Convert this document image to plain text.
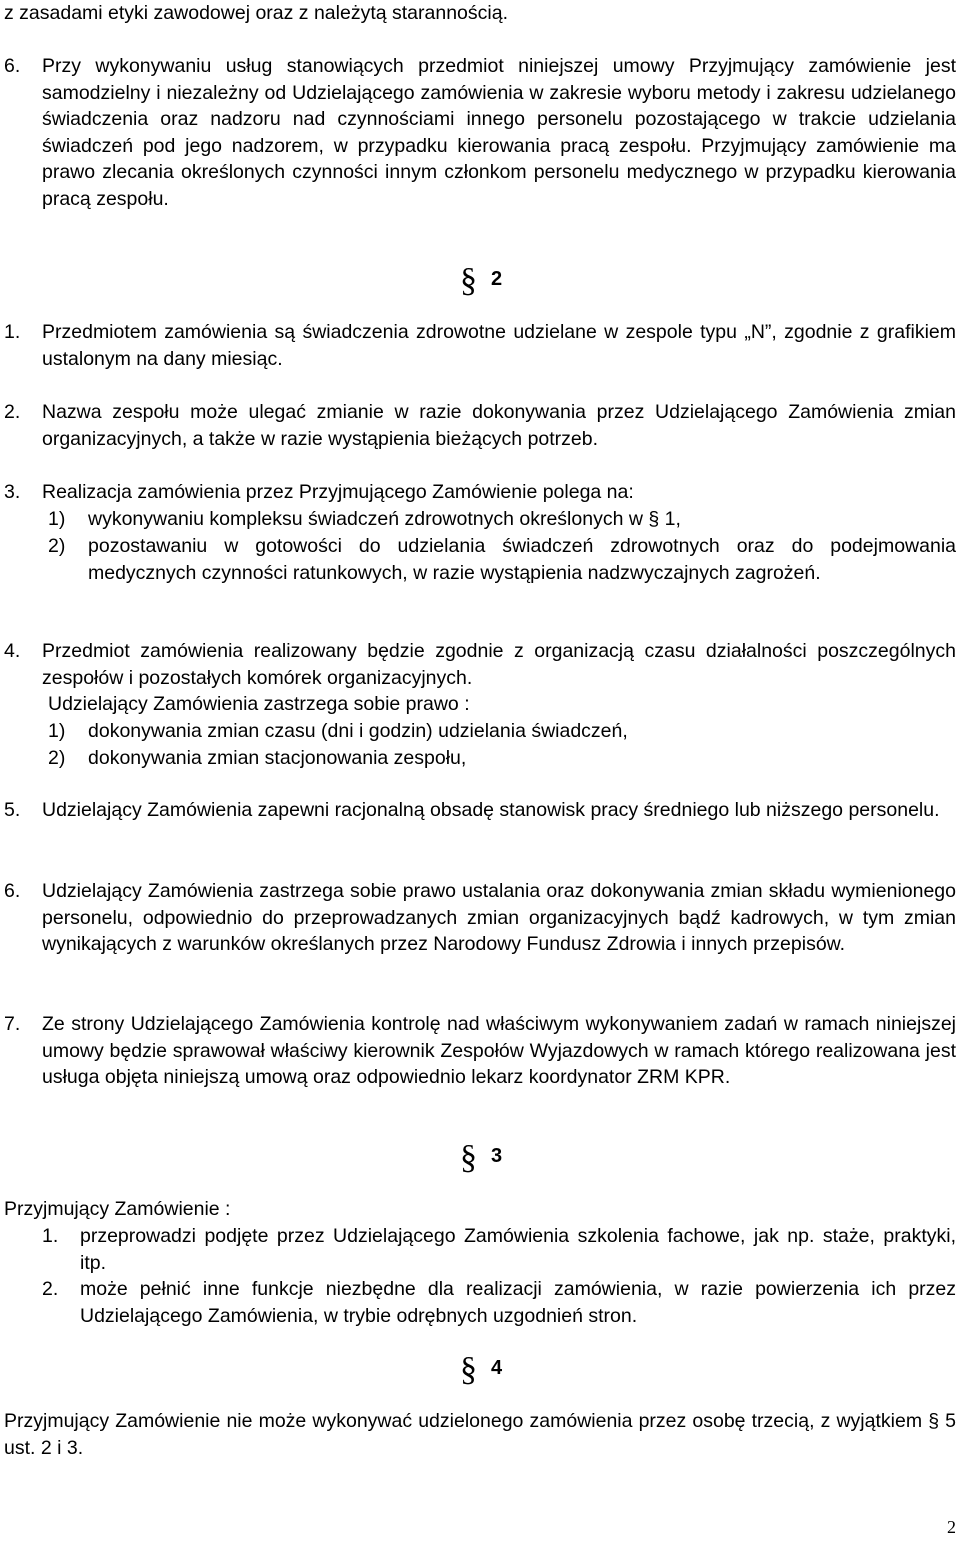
z zasadami etyki zawodowej oraz z należytą starannością.
6. Przy wykonywaniu usług stanowiących przedmiot niniejszej umowy Przyjmujący zamówienie jest samodzielny i niezależny od Udzielającego zamówienia w zakresie wyboru metody i zakresu udzielanego świadczenia oraz nadzoru nad czynnościami innego personelu pozostającego w trakcie udzielania świadczeń pod jego nadzorem, w przypadku kierowania pracą zespołu. Przyjmujący zamówienie ma prawo zlecania określonych czynności innym członkom personelu medycznego w przypadku kierowania pracą zespołu.
§ 2
1. Przedmiotem zamówienia są świadczenia zdrowotne udzielane w zespole typu „N”, zgodnie z grafikiem ustalonym na dany miesiąc.
2. Nazwa zespołu może ulegać zmianie w razie dokonywania przez Udzielającego Zamówienia zmian organizacyjnych, a także w razie wystąpienia bieżących potrzeb.
3. Realizacja zamówienia przez Przyjmującego Zamówienie polega na:
1) wykonywaniu kompleksu świadczeń zdrowotnych określonych w § 1,
2) pozostawaniu w gotowości do udzielania świadczeń zdrowotnych oraz do podejmowania medycznych czynności ratunkowych, w razie wystąpienia nadzwyczajnych zagrożeń.
4. Przedmiot zamówienia realizowany będzie zgodnie z organizacją czasu działalności poszczególnych zespołów i pozostałych komórek organizacyjnych.
Udzielający Zamówienia zastrzega sobie prawo :
1) dokonywania zmian czasu (dni i godzin) udzielania świadczeń,
2) dokonywania zmian stacjonowania zespołu,
5. Udzielający Zamówienia zapewni racjonalną obsadę stanowisk pracy średniego lub niższego personelu.
6. Udzielający Zamówienia zastrzega sobie prawo ustalania oraz dokonywania zmian składu wymienionego personelu, odpowiednio do przeprowadzanych zmian organizacyjnych bądź kadrowych, w tym zmian wynikających z warunków określanych przez Narodowy Fundusz Zdrowia i innych przepisów.
7. Ze strony Udzielającego Zamówienia kontrolę nad właściwym wykonywaniem zadań w ramach niniejszej umowy będzie sprawował właściwy kierownik Zespołów Wyjazdowych w ramach którego realizowana jest usługa objęta niniejszą umową oraz odpowiednio lekarz koordynator ZRM KPR.
§ 3
Przyjmujący Zamówienie :
1. przeprowadzi podjęte przez Udzielającego Zamówienia szkolenia fachowe, jak np. staże, praktyki, itp.
2. może pełnić inne funkcje niezbędne dla realizacji zamówienia, w razie powierzenia ich przez Udzielającego Zamówienia, w trybie odrębnych uzgodnień stron.
§ 4
Przyjmujący Zamówienie nie może wykonywać udzielonego zamówienia przez osobę trzecią, z wyjątkiem § 5 ust. 2 i 3.
2
